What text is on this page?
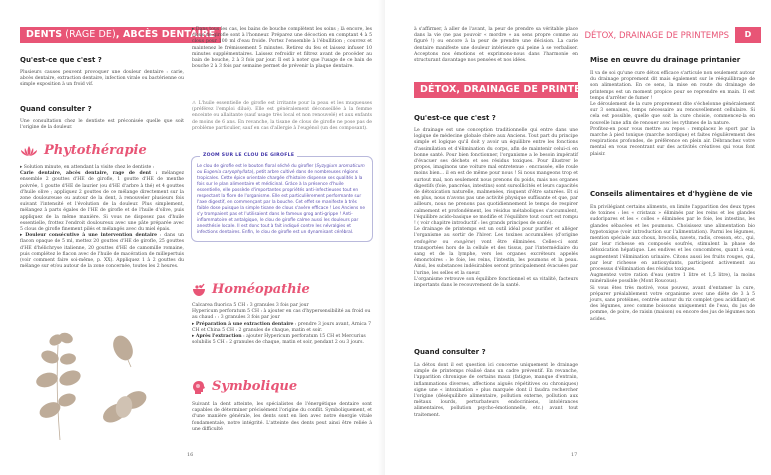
DENTS (RAGE DE), ABCÈS DENTAIRE
Qu'est-ce que c'est ?

Plusieurs causes peuvent provoquer une douleur dentaire : carie, abcès dentaire, extraction dentaire, infection virale ou bactérienne ou simple exposition à un froid vif.

Quand consulter ?

Une consultation chez le dentiste est préconisée quelle que soit l'origine de la douleur.

Phytothérapie

▸ Solution minute, en attendant la visite chez le dentiste :

Carie dentaire, abcès dentaire, rage de dent : mélangez ensemble 2 gouttes d'HE de girofle, 1 goutte d'HE de menthe poivrée, 1 goutte d'HE de laurier (ou d'HE d'arbre à thé) et 4 gouttes d'huile olive ; appliquez 2 gouttes de ce mélange directement sur la zone douloureuse ou autour de la dent, à renouveler plusieurs fois suivant l'intensité et l'évolution de la douleur. Plus simplement, mélangez à parts égales de l'HE de girofle et de l'huile d'olive, puis appliquez de la même manière. Si vous ne disposez pas d'huile essentielle, frottez l'endroit douloureux avec une pâte préparée avec 5 clous de girofle finement pilés et mélangés avec du miel épais.

▸ Douleur consécutive à une intervention dentaire : dans un flacon opaque de 5 ml, mettez 20 gouttes d'HE de girofle, 25 gouttes d'HE d'hélichryse italienne, 20 gouttes d'HE de camomille romaine, puis complétez le flacon avec de l'huile de macération de millepertuis (voir comment faire soi-même, p. XX). Appliquez 1 à 2 gouttes du mélange sur et/ou autour de la zone concernée, toutes les 2 heures.

▸ Dans tous les cas, les bains de bouche complètent les soins ; là encore, les clous de girofle sont à l'honneur. Préparez une décoction en comptant 4 à 5 clous pour 100 ml d'eau froide. Portez l'ensemble à l'ébullition ; couvrez et maintenez le frémissement 5 minutes. Retirez du feu et laissez infuser 10 minutes supplémentaires. Laissez refroidir et filtrez avant de procéder au bain de bouche, 2 à 3 fois par jour. Il est à noter que l'usage de ce bain de bouche 2 à 3 fois par semaine permet de prévenir la plaque dentaire.

⚠ L'huile essentielle de girofle est irritante pour la peau et les muqueuses (préférez l'emploi dilué). Elle est généralement déconseillée à la femme enceinte ou allaitante (sauf usage très local et non renouvelé) et aux enfants de moins de 6 ans. En revanche, la tisane de clous de girofle ne pose pas de problème particulier, sauf en cas d'allergie à l'eugénol (un des composant).

ZOOM SUR LE CLOU DE GIROFLE
Le clou de girofle est le bouton floral séché du girofler (Syzygium aromaticum ou Eugenia caryophyllata), petit arbre cultivé dans de nombreuses régions tropicales. Cette épice orientale chargée d'histoire dispense ses qualités à la fois sur le plan alimentaire et médicinal. Grâce à la présence d'huile essentielle, elle possède d'importantes propriétés anti-infectieuses tout en respectant la flore de l'organisme. Elle est particulièrement performante sur l'axe digestif, en commençant par la bouche. Cet effet se manifeste à très faible dose puisque la simple tisane de clous s'avère efficace ! Les Anciens ne s'y trompaient pas et l'utilisaient dans le fameux grog anti-grippe ! Anti-inflammatoire et antalgique, le clou de girofle calme aussi les douleurs par anesthésie locale. Il est donc tout à fait indiqué contre les névralgies et infections dentaires. Enfin, le clou de girofle est un dynamisant cérébral.
Homéopathie

Calcarea fluorica 5 CH : 3 granules 3 fois par jour

Hypericum perforatum 5 CH : à ajouter en cas d'hypersensibilité au froid ou au chaud : : 3 granules 3 fois par jour

▸ Préparation à une extraction dentaire : prendre 3 jours avant, Arnica 7 CH et China 5 CH : 2 granules de chaque, matin et soir.

▸ Après l'extraction : ajouter Hypericum perforatum 15 CH et Mercurius solubilis 5 CH : 2 granules de chaque, matin et soir, pendant 2 ou 3 jours.

Symbolique

Suivant la dent atteinte, les spécialistes de l'énergétique dentaire sont capables de déterminer précisément l'origine du conflit. Symboliquement, et d'une manière générale, les dents sont en lien avec notre énergie vitale fondamentale, notre intégrité. L'atteinte des dents peut ainsi être reliée à une difficulté

16
DÉTOX, DRAINAGE DE PRINTEMPS	D

à s'affirmer, à aller de l'avant, la peur de prendre sa véritable place dans la vie (ne pas pouvoir « mordre » au sens propre comme au figuré !) ou encore à la peur de prendre une décision. La carie dentaire manifeste une douleur intérieure qui peine à se verbaliser. Acceptons nos émotions et exprimons-nous dans l'harmonie en structurant davantage nos pensées et nos idées.

DÉTOX, DRAINAGE DE PRINTEMPS
Qu'est-ce que c'est ?

Le drainage est une conception traditionnelle qui entre dans une logique de médecine globale chère aux Anciens. Tout part du principe simple et logique qu'il doit y avoir un équilibre entre les fonctions d'assimilation et d'élimination du corps, afin de maintenir celui-ci en bonne santé. Pour bien fonctionner, l'organisme a le besoin impératif d'évacuer ses déchets et ses résidus toxiques. Pour illustrer le propos, imaginons une voiture mal entretenue : encrassée, elle roule moins bien… il en est de même pour nous ! Si nous mangeons trop et surtout mal, non seulement nous prenons du poids, mais nos organes digestifs (foie, pancréas, intestins) sont sursollicités et leurs capacités de détoxication naturelle, malmenées, risquent d'être saturées. Et si en plus, nous n'avons pas une activité physique suffisante et que, par ailleurs, nous ne prenons pas quotidiennement le temps de respirer calmement et profondément, les résidus métaboliques s'accumulent, l'équilibre acido-basique se modifie et l'équilibre tout court est rompu ! ( voir chapitre introductif : les grands principes de santé).

Le drainage de printemps est un outil idéal pour purifier et alléger l'organisme au sortir de l'hiver. Les toxines accumulées (d'origine endogène ou exogène) vont être éliminées. Celles-ci sont transportées hors de la cellule et des tissus, par l'intermédiaire du sang et de la lymphe, vers les organes excréteurs appelés émonctoires : le foie, les reins, l'intestin, les poumons et la peau. Ainsi, les substances indésirables seront principalement évacuées par l'urine, les selles et la sueur.

L'organisme retrouve son équilibre fonctionnel et sa vitalité, facteurs importants dans le recouvrement de la santé.

Quand consulter ?

La détox dont il est question ici concerne uniquement le drainage simple de printemps réalisé dans un cadre préventif. En revanche, l'apparition chronique de certains maux (fatigue, manque d'entrain, inflammations diverses, affections aiguës répétitives ou chroniques) signe une « intoxination » plus marquée dont il faudra rechercher l'origine (déséquilibre alimentaire, pollution externe, pollution aux métaux lourds, perturbateurs endocriniens, intolérances alimentaires, pollution psycho-émotionnelle, etc.) avant tout traitement.

17
Mise en œuvre du drainage printanier

Il va de soi qu'une cure détox efficace s'articule non seulement autour du drainage proprement dit mais également sur le rééquilibrage de son alimentation. En ce sens, la mise en route du drainage de printemps est un moment propice pour se reprendre en main. Il est temps d'arrêter de fumer !

Le déroulement de la cure proprement dite s'échelonne généralement sur 3 semaines, temps nécessaire au renouvellement cellulaire. Si cela est possible, quelle que soit la cure choisie, commencez-la en nouvelle lune afin de renouer avec les rythmes de la nature.

Profitez-en pour vous mettre au repos : remplacez le sport par la marche à pied tonique (marche nordique) et faites régulièrement des respirations profondes, de préférence en plein air. Débranchez votre mental en vous recentrant sur des activités créatives qui vous font plaisir.

Conseils alimentaires et d'hygiène de vie

En privilégiant certains aliments, on limite l'apparition des deux types de toxines : les « cristaux » éliminés par les reins et les glandes sudoripares et les « colles » éliminées par le foie, les intestins, les glandes sébacées et les poumons. Choisissez une alimentation bio hypotoxique (voir introduction sur l'alimentation). Parmi les légumes, mention spéciale aux choux, brocolis, navets, radis, cresson, etc., qui, par leur richesse en composés soufrés, stimulent la phase de détoxication hépatique. Les endives et les concombres, quant à eux, augmentent l'élimination urinaire. Citons aussi les fruits rouges, qui, par leur richesse en antioxydants, participent activement au processus d'élimination des résidus toxiques.

Augmentez votre ration d'eau (entre 1 litre et 1,5 litre), la moins minéralisée possible (Mont Roucous).

Si vous êtes très motivé, vous pouvez, avant d'entamer la cure, préparer préalablement votre organisme avec une diète de 3 à 5 jours, sans protéines, centrée autour du riz complet (peu acidifiant) et des légumes, avec comme boissons uniquement de l'eau, du jus de pomme, de poire, de raisin (maison) ou encore des jus de légumes non acides.
